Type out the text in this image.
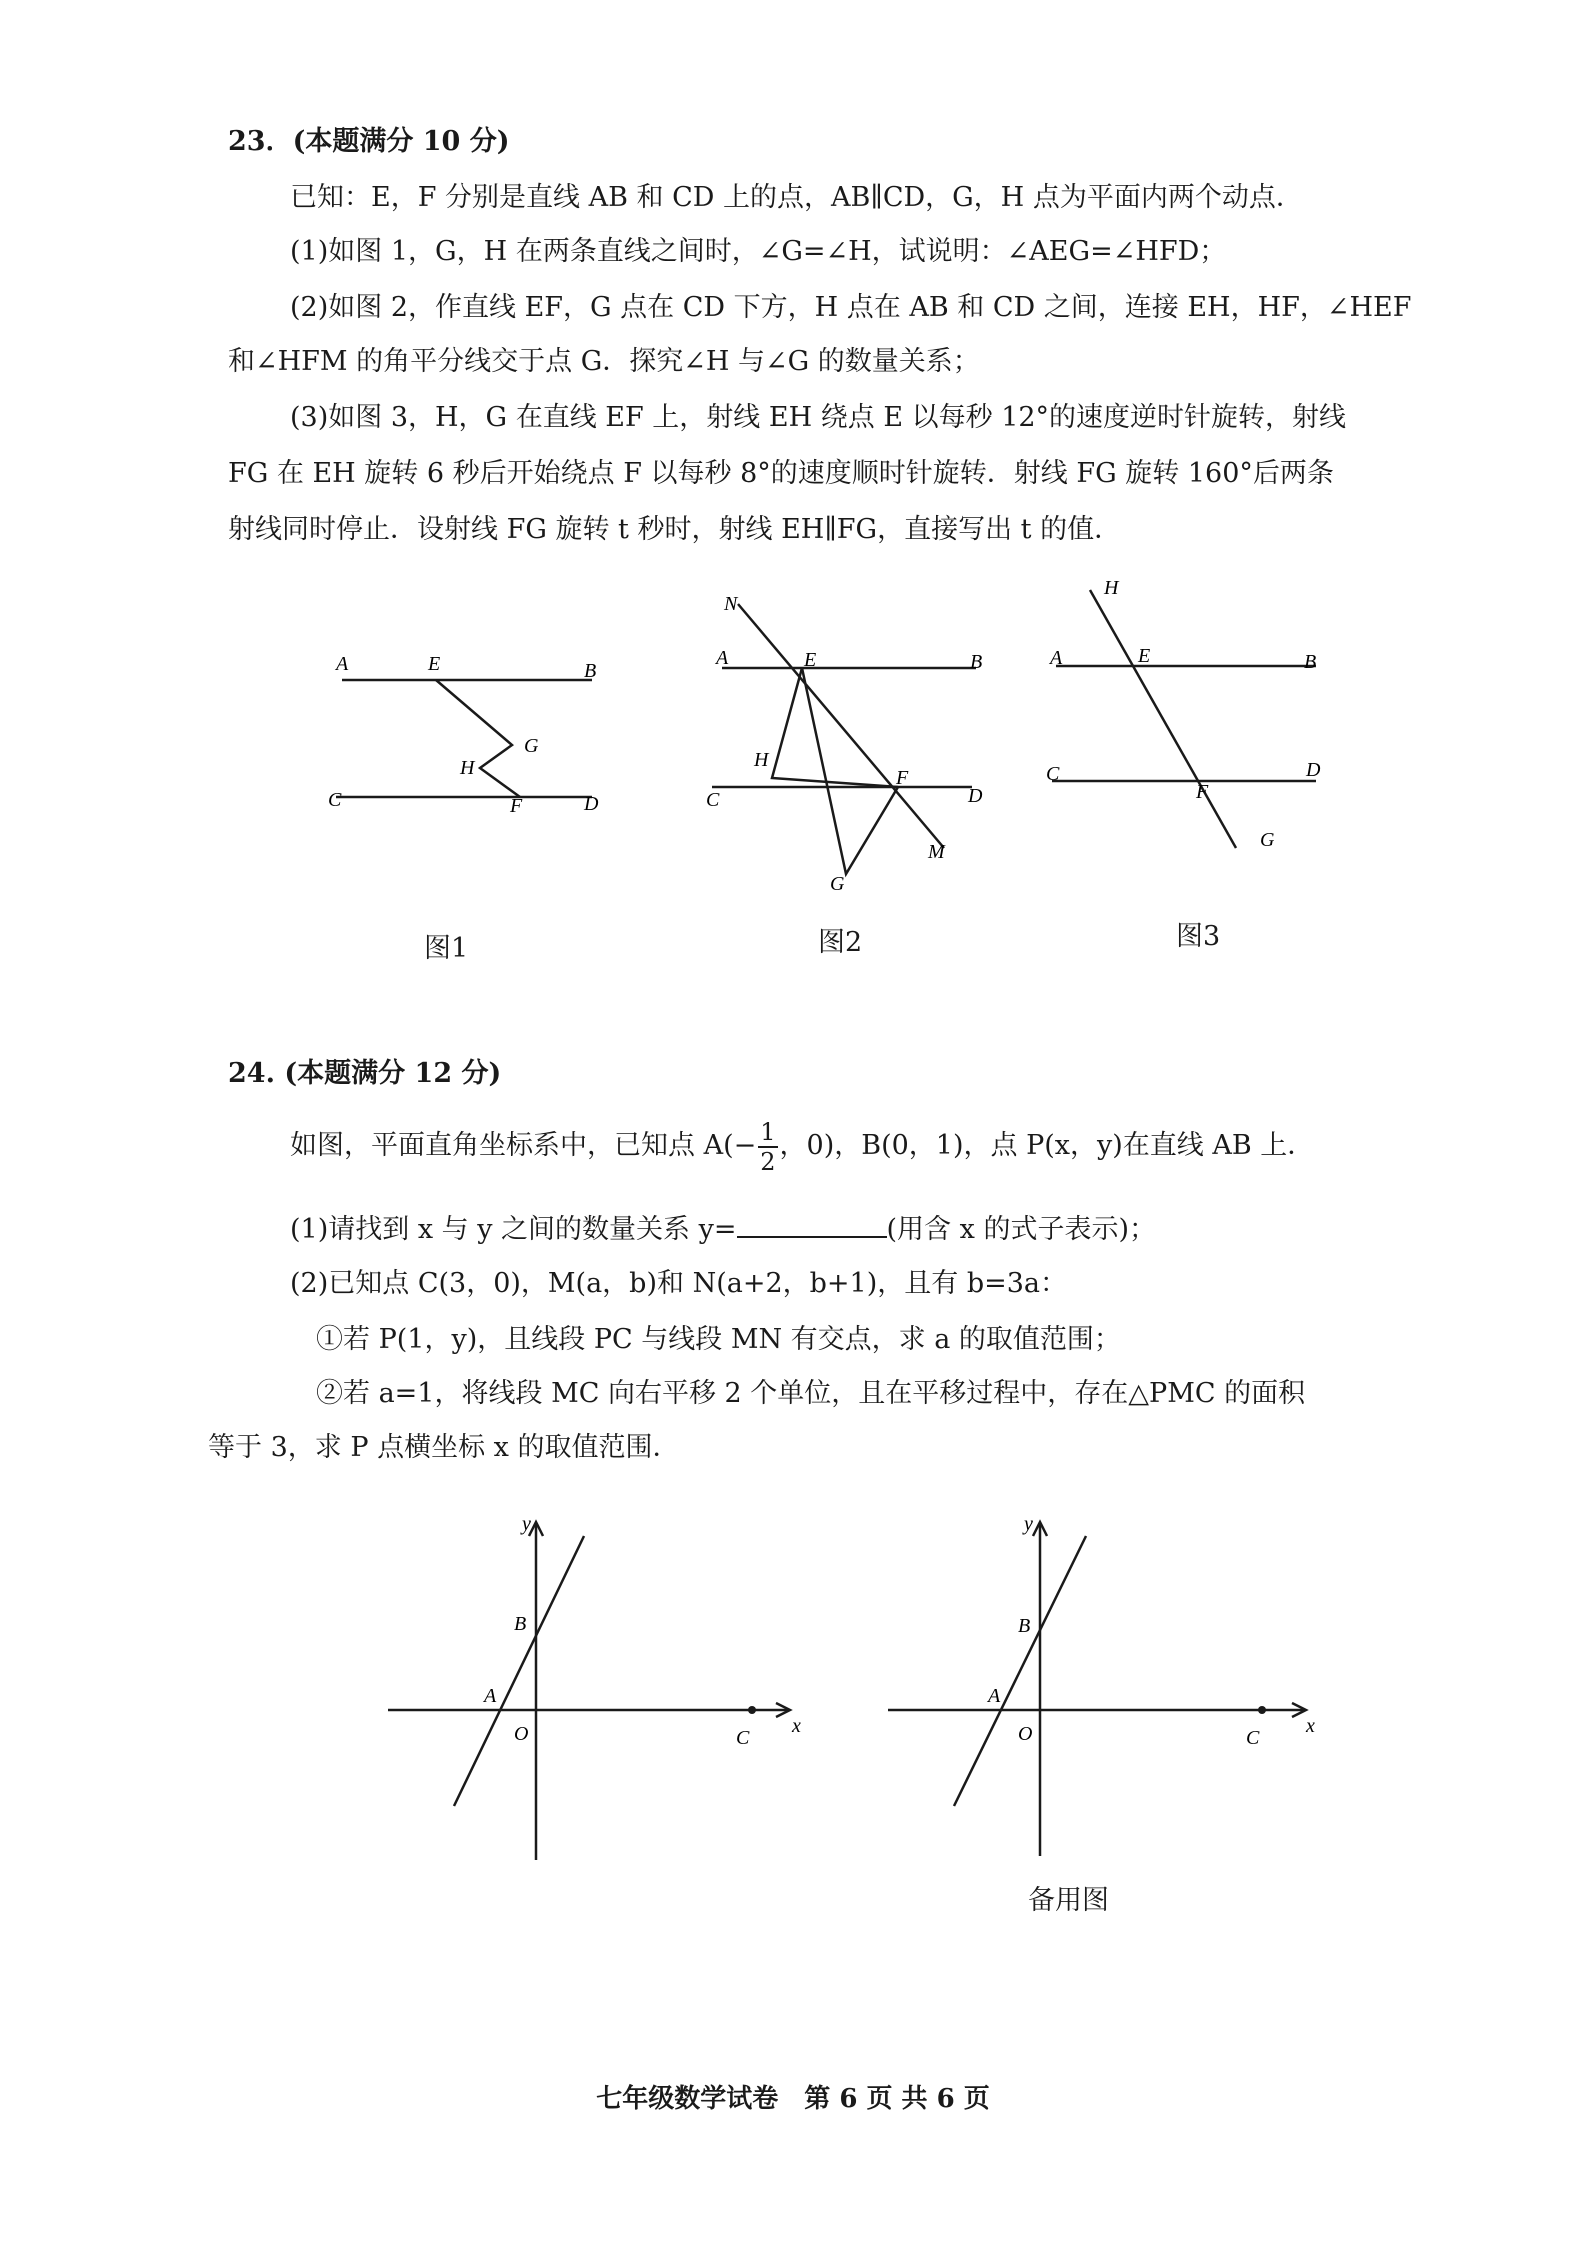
23．(本题满分 10 分)
已知：E，F 分别是直线 AB 和 CD 上的点，AB∥CD，G，H 点为平面内两个动点．
(1)如图 1，G，H 在两条直线之间时，∠G=∠H，试说明：∠AEG=∠HFD；
(2)如图 2，作直线 EF，G 点在 CD 下方，H 点在 AB 和 CD 之间，连接 EH，HF，∠HEF
和∠HFM 的角平分线交于点 G．探究∠H 与∠G 的数量关系；
(3)如图 3，H，G 在直线 EF 上，射线 EH 绕点 E 以每秒 12°的速度逆时针旋转，射线
FG 在 EH 旋转 6 秒后开始绕点 F 以每秒 8°的速度顺时针旋转．射线 FG 旋转 160°后两条
射线同时停止．设射线 FG 旋转 t 秒时，射线 EH∥FG，直接写出 t 的值．
A	E	B
G
H
C	F	D
N
A	E	B
H
F
C	D
M
G
H
A	E	B
C	D
F
G
图1	图2	图3
24. (本题满分 12 分)
如图，平面直角坐标系中，已知点 $A(- \frac{1}{2}$ ，0)，B(0，1)，点 P(x，y)在直线 AB 上．
(1)请找到 x 与 y 之间的数量关系 y=	(用含 x 的式子表示)；
(2)已知点 C(3，0)，M(a，b)和 N(a+2，b+1)，且有 b=3a：
①若 P(1，y)，且线段 PC 与线段 MN 有交点，求 a 的取值范围；
②若 a=1，将线段 MC 向右平移 2 个单位，且在平移过程中，存在△PMC 的面积
等于 3，求 P 点横坐标 x 的取值范围．
y
B
A
O	C
x
y
B
A
O	C
x
备用图
七年级数学试卷　第 6 页 共 6 页
